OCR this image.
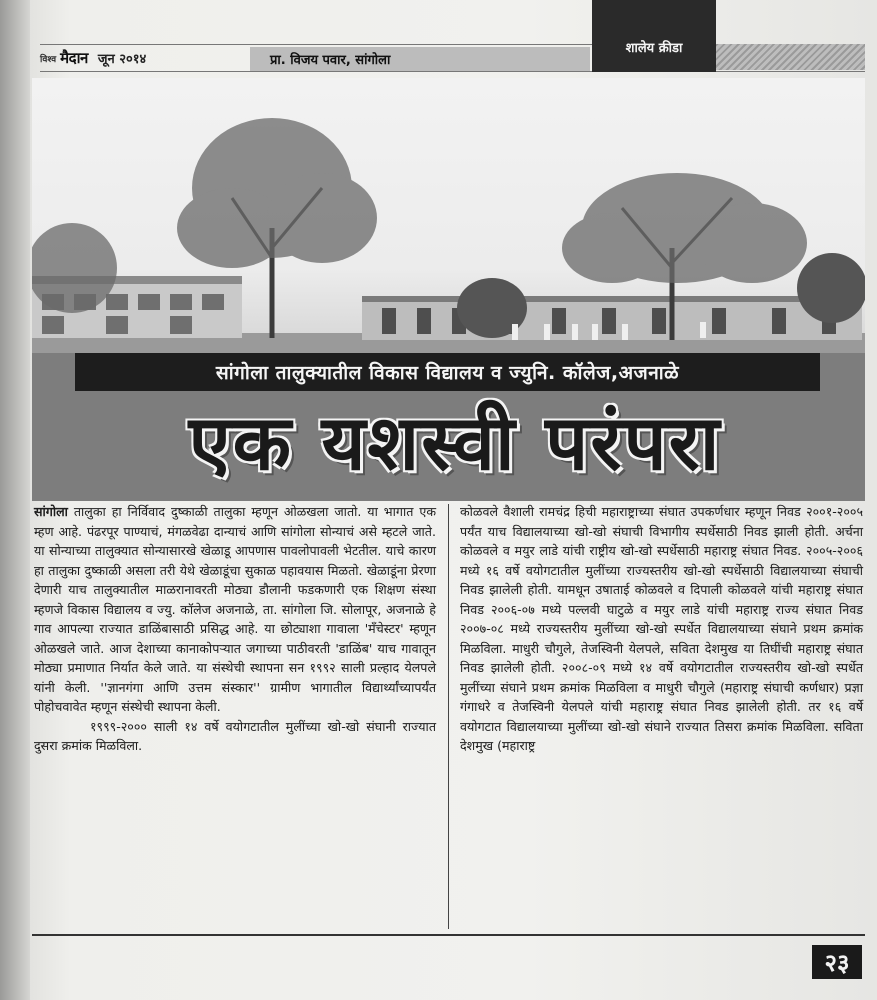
विश्व मैदान जून २०१४	प्रा. विजय पवार, सांगोला
शालेय क्रीडा
सांगोला तालुक्यातील विकास विद्यालय व ज्युनि. कॉलेज,अजनाळे
एक यशस्वी परंपरा

सांगोला तालुका हा निर्विवाद दुष्काळी तालुका म्हणून ओळखला जातो. या भागात एक म्हण आहे. पंढरपूर पाण्याचं, मंगळवेढा दान्याचं आणि सांगोला सोन्याचं असे म्हटले जाते. या सोन्याच्या तालुक्यात सोन्यासारखे खेळाडू आपणास पावलोपावली भेटतील. याचे कारण हा तालुका दुष्काळी असला तरी येथे खेळाडूंचा सुकाळ पहावयास मिळतो. खेळाडूंना प्रेरणा देणारी याच तालुक्यातील माळरानावरती मोठ्या डौलानी फडकणारी एक शिक्षण संस्था म्हणजे विकास विद्यालय व ज्यु. कॉलेज अजनाळे, ता. सांगोला जि. सोलापूर, अजनाळे हे गाव आपल्या राज्यात डाळिंबासाठी प्रसिद्ध आहे. या छोट्याशा गावाला 'मँचेस्टर' म्हणून ओळखले जाते. आज देशाच्या कानाकोपऱ्यात जगाच्या पाठीवरती 'डाळिंब' याच गावातून मोठ्या प्रमाणात निर्यात केले जाते. या संस्थेची स्थापना सन १९९२ साली प्रल्हाद येलपले यांनी केली. ''ज्ञानगंगा आणि उत्तम संस्कार'' ग्रामीण भागातील विद्यार्थ्यांच्यापर्यंत पोहोचवावेत म्हणून संस्थेची स्थापना केली.

१९९९-२००० साली १४ वर्षे वयोगटातील मुलींच्या खो-खो संघानी राज्यात दुसरा क्रमांक मिळविला.

कोळवले वैशाली रामचंद्र हिची महाराष्ट्राच्या संघात उपकर्णधार म्हणून निवड २००१-२००५ पर्यंत याच विद्यालयाच्या खो-खो संघाची विभागीय स्पर्धेसाठी निवड झाली होती. अर्चना कोळवले व मयुर लाडे यांची राष्ट्रीय खो-खो स्पर्धेसाठी महाराष्ट्र संघात निवड. २००५-२००६ मध्ये १६ वर्षे वयोगटातील मुलींच्या राज्यस्तरीय खो-खो स्पर्धेसाठी विद्यालयाच्या संघाची निवड झालेली होती. यामधून उषाताई कोळवले व दिपाली कोळवले यांची महाराष्ट्र संघात निवड २००६-०७ मध्ये पल्लवी घाटुळे व मयुर लाडे यांची महाराष्ट्र राज्य संघात निवड २००७-०८ मध्ये राज्यस्तरीय मुलींच्या खो-खो स्पर्धेत विद्यालयाच्या संघाने प्रथम क्रमांक मिळविला. माधुरी चौगुले, तेजस्विनी येलपले, सविता देशमुख या तिघींची महाराष्ट्र संघात निवड झालेली होती. २००८-०९ मध्ये १४ वर्षे वयोगटातील राज्यस्तरीय खो-खो स्पर्धेत मुलींच्या संघाने प्रथम क्रमांक मिळविला व माधुरी चौगुले (महाराष्ट्र संघाची कर्णधार) प्रज्ञा गंगाधरे व तेजस्विनी येलपले यांची महाराष्ट्र संघात निवड झालेली होती. तर १६ वर्षे वयोगटात विद्यालयाच्या मुलींच्या खो-खो संघाने राज्यात तिसरा क्रमांक मिळविला. सविता देशमुख (महाराष्ट्र

२३
